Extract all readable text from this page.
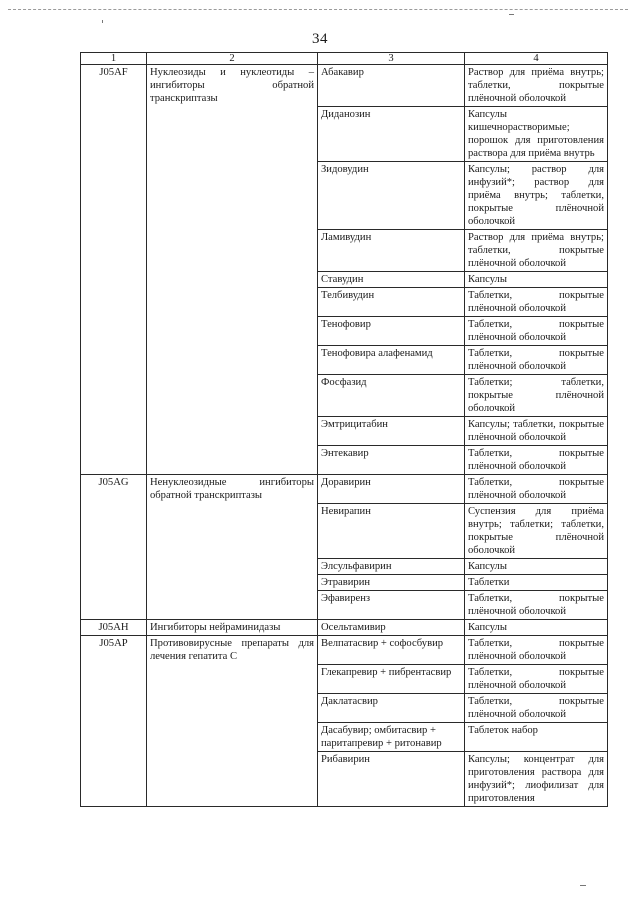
34
1	2	3	4
J05AF	Нуклеозиды и нуклеотиды – ингибиторы обратной транскриптазы	Абакавир	Раствор для приёма внутрь; таблетки, покрытые плёночной оболочкой
		Диданозин	Капсулы кишечнорастворимые; порошок для приготовления раствора для приёма внутрь
		Зидовудин	Капсулы; раствор для инфузий*; раствор для приёма внутрь; таблетки, покрытые плёночной оболочкой
		Ламивудин	Раствор для приёма внутрь; таблетки, покрытые плёночной оболочкой
		Ставудин	Капсулы
		Телбивудин	Таблетки, покрытые плёночной оболочкой
		Тенофовир	Таблетки, покрытые плёночной оболочкой
		Тенофовира алафенамид	Таблетки, покрытые плёночной оболочкой
		Фосфазид	Таблетки; таблетки, покрытые плёночной оболочкой
		Эмтрицитабин	Капсулы; таблетки, покрытые плёночной оболочкой
		Энтекавир	Таблетки, покрытые плёночной оболочкой
J05AG	Ненуклеозидные ингибиторы обратной транскриптазы	Доравирин	Таблетки, покрытые плёночной оболочкой
		Невирапин	Суспензия для приёма внутрь; таблетки; таблетки, покрытые плёночной оболочкой
		Элсульфавирин	Капсулы
		Этравирин	Таблетки
		Эфавиренз	Таблетки, покрытые плёночной оболочкой
J05AH	Ингибиторы нейраминидазы	Осельтамивир	Капсулы
J05AP	Противовирусные препараты для лечения гепатита С	Велпатасвир + софосбувир	Таблетки, покрытые плёночной оболочкой
		Глекапревир + пибрентасвир	Таблетки, покрытые плёночной оболочкой
		Даклатасвир	Таблетки, покрытые плёночной оболочкой
		Дасабувир; омбитасвир + паритапревир + ритонавир	Таблеток набор
		Рибавирин	Капсулы; концентрат для приготовления раствора для инфузий*; лиофилизат для приготовления
